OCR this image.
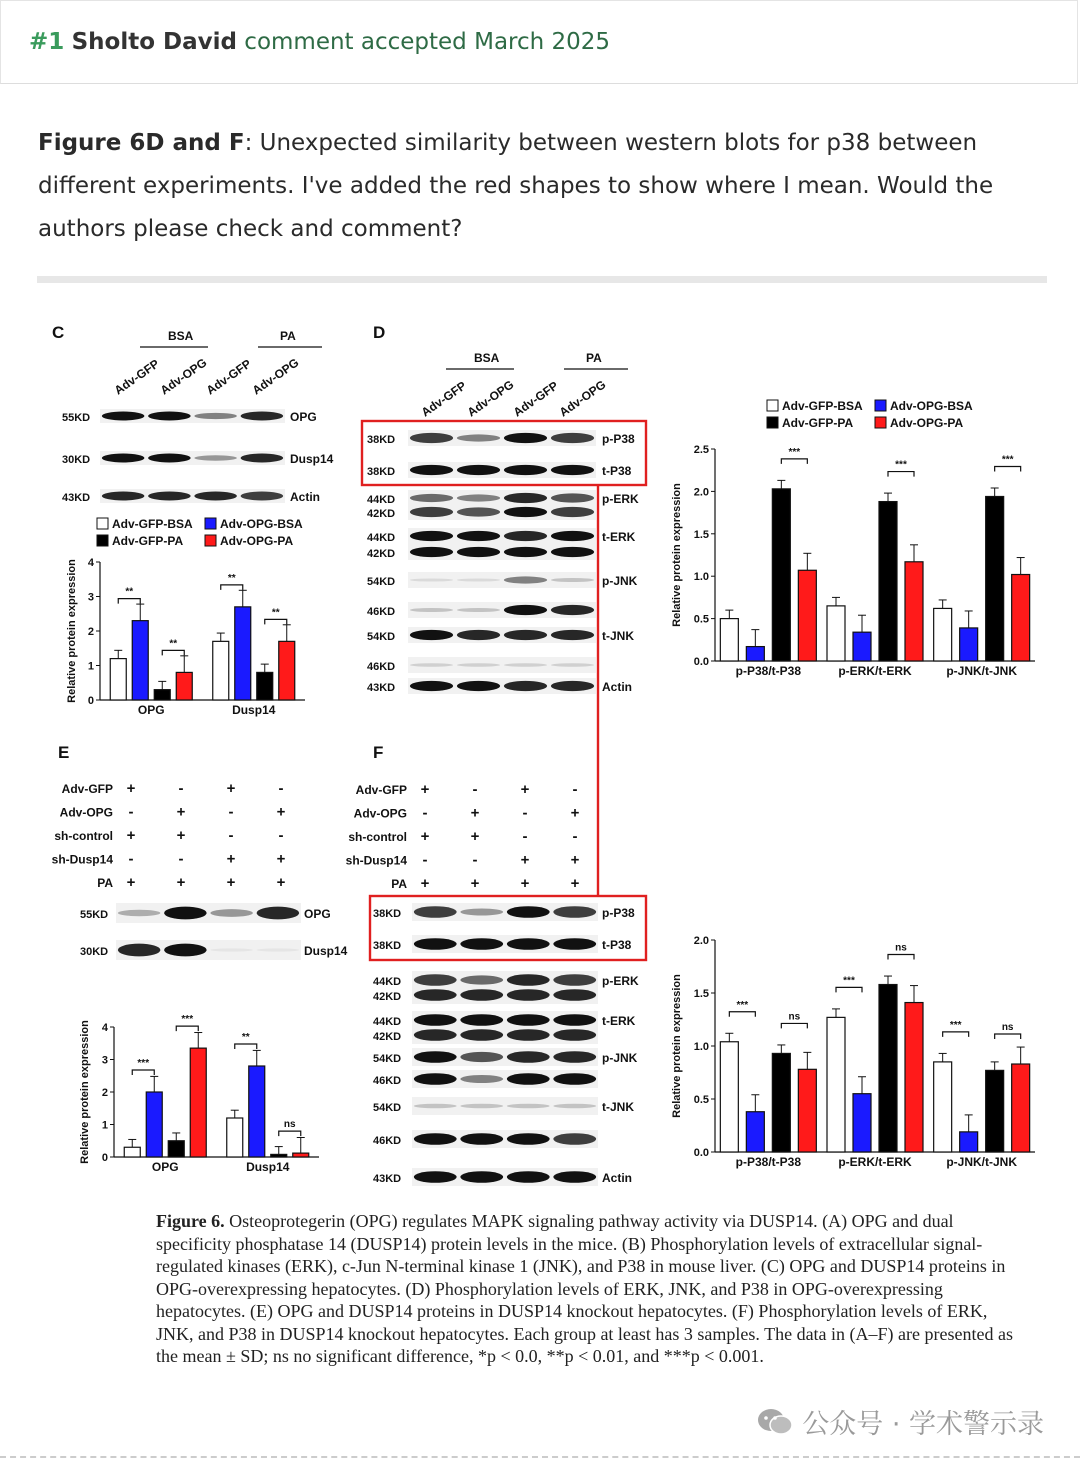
#1 Sholto David comment accepted March 2025
Figure 6D and F: Unexpected similarity between western blots for p38 between different experiments. I've added the red shapes to show where I mean. Would the authors please check and comment?
C	D
E	F
BSA	PA
Adv-GFP
Adv-OPG
Adv-GFP
Adv-OPG	BSA	PA
Adv-GFP
Adv-OPG
Adv-GFP
Adv-OPG
55KD	OPG
30KD	Dusp14
43KD	Actin
38KD	p-P38
38KD	t-P38
44KD	p-ERK
42KD
44KD	t-ERK
42KD
54KD	p-JNK
46KD
54KD	t-JNK
46KD
43KD	Actin
Adv-GFP +	-	+	-
Adv-OPG -	+	-	+
sh-control +	+	-	-
sh-Dusp14 -	-	+	+
PA +	+	+	+
Adv-GFP +	-	+	-
Adv-OPG -	+	-	+
sh-control +	+	-	-
sh-Dusp14 -	-	+	+
PA +	+	+	+
55KD	OPG
30KD	Dusp14
38KD	p-P38
38KD	t-P38
44KD	p-ERK
42KD
44KD	t-ERK
42KD
54KD	p-JNK
46KD
54KD	t-JNK
46KD
43KD	Actin
Adv-GFP-BSA Adv-OPG-BSA
Adv-GFP-PA	Adv-OPG-PA
Adv-GFP-BSA Adv-OPG-BSA
Adv-GFP-PA	Adv-OPG-PA
0
1
2
3
4
OPG	Dusp14
Relative protein expression	**
**
**
**
0.0
0.5
1.0
1.5
2.0
2.5
p-P38/t-P38	p-ERK/t-ERK	p-JNK/t-JNK
Relative protein expression
***
***	***
0
1
2
3
4
OPG	Dusp14
Relative protein expression	***
***
**
ns
0.0
0.5
1.0
1.5
2.0
p-P38/t-P38	p-ERK/t-ERK	p-JNK/t-JNK
Relative protein expression	***
ns
***
ns
***	ns
Figure 6. Osteoprotegerin (OPG) regulates MAPK signaling pathway activity via DUSP14. (A) OPG and dual specificity phosphatase 14 (DUSP14) protein levels in the mice. (B) Phosphorylation levels of extracellular signal-regulated kinases (ERK), c-Jun N-terminal kinase 1 (JNK), and P38 in mouse liver. (C) OPG and DUSP14 proteins in OPG-overexpressing hepatocytes. (D) Phosphorylation levels of ERK, JNK, and P38 in OPG-overexpressing hepatocytes. (E) OPG and DUSP14 proteins in DUSP14 knockout hepatocytes. (F) Phosphorylation levels of ERK, JNK, and P38 in DUSP14 knockout hepatocytes. Each group at least has 3 samples. The data in (A–F) are presented as the mean ± SD; ns no significant difference, *p < 0.0, **p < 0.01, and ***p < 0.001.
公众号 · 学术警示录
